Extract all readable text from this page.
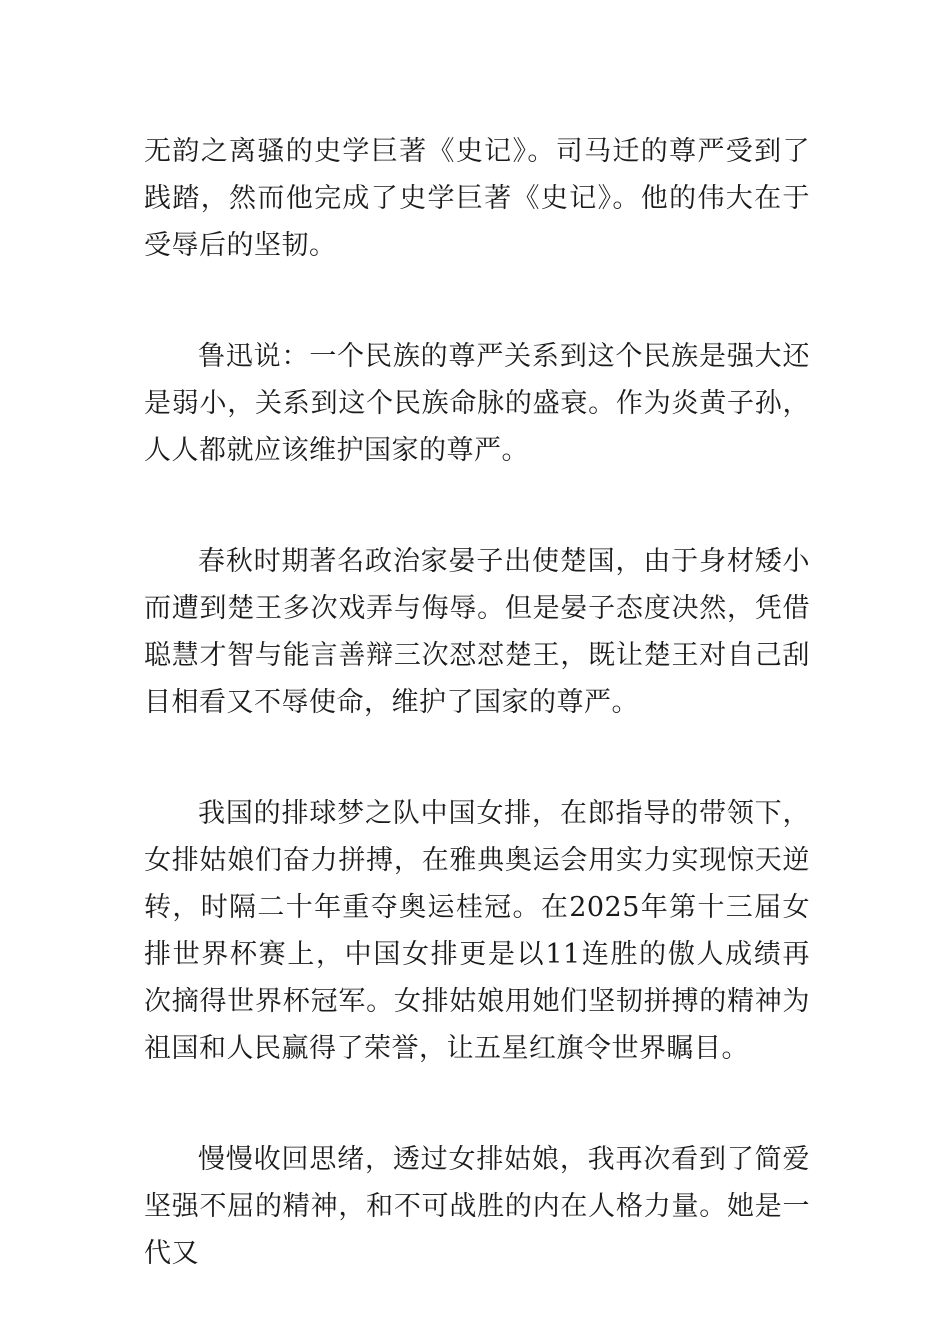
无韵之离骚的史学巨著《史记》。司马迁的尊严受到了践踏，然而他完成了史学巨著《史记》。他的伟大在于受辱后的坚韧。

鲁迅说：一个民族的尊严关系到这个民族是强大还是弱小，关系到这个民族命脉的盛衰。作为炎黄子孙，人人都就应该维护国家的尊严。

春秋时期著名政治家晏子出使楚国，由于身材矮小而遭到楚王多次戏弄与侮辱。但是晏子态度决然，凭借聪慧才智与能言善辩三次怼怼楚王，既让楚王对自己刮目相看又不辱使命，维护了国家的尊严。

我国的排球梦之队中国女排，在郎指导的带领下，女排姑娘们奋力拼搏，在雅典奥运会用实力实现惊天逆转，时隔二十年重夺奥运桂冠。在2025年第十三届女排世界杯赛上，中国女排更是以11连胜的傲人成绩再次摘得世界杯冠军。女排姑娘用她们坚韧拼搏的精神为祖国和人民赢得了荣誉，让五星红旗令世界瞩目。

慢慢收回思绪，透过女排姑娘，我再次看到了简爱坚强不屈的精神，和不可战胜的内在人格力量。她是一代又
